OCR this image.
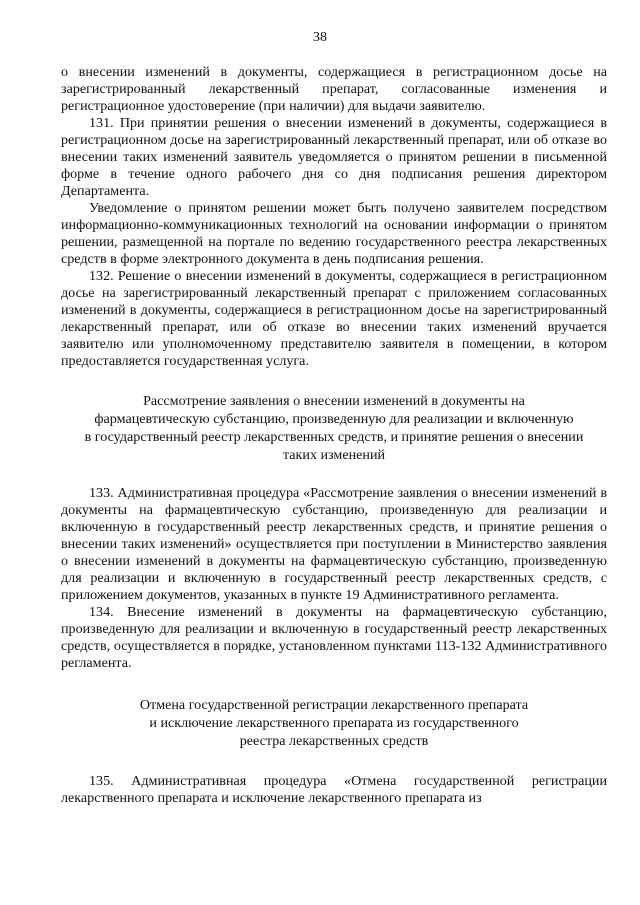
38

о внесении изменений в документы, содержащиеся в регистрационном досье на зарегистрированный лекарственный препарат, согласованные изменения и регистрационное удостоверение (при наличии) для выдачи заявителю.

131. При принятии решения о внесении изменений в документы, содержащиеся в регистрационном досье на зарегистрированный лекарственный препарат, или об отказе во внесении таких изменений заявитель уведомляется о принятом решении в письменной форме в течение одного рабочего дня со дня подписания решения директором Департамента.

Уведомление о принятом решении может быть получено заявителем посредством информационно-коммуникационных технологий на основании информации о принятом решении, размещенной на портале по ведению государственного реестра лекарственных средств в форме электронного документа в день подписания решения.

132. Решение о внесении изменений в документы, содержащиеся в регистрационном досье на зарегистрированный лекарственный препарат с приложением согласованных изменений в документы, содержащиеся в регистрационном досье на зарегистрированный лекарственный препарат, или об отказе во внесении таких изменений вручается заявителю или уполномоченному представителю заявителя в помещении, в котором предоставляется государственная услуга.

Рассмотрение заявления о внесении изменений в документы на
фармацевтическую субстанцию, произведенную для реализации и включенную
в государственный реестр лекарственных средств, и принятие решения о внесении
таких изменений

133. Административная процедура «Рассмотрение заявления о внесении изменений в документы на фармацевтическую субстанцию, произведенную для реализации и включенную в государственный реестр лекарственных средств, и принятие решения о внесении таких изменений» осуществляется при поступлении в Министерство заявления о внесении изменений в документы на фармацевтическую субстанцию, произведенную для реализации и включенную в государственный реестр лекарственных средств, с приложением документов, указанных в пункте 19 Административного регламента.

134. Внесение изменений в документы на фармацевтическую субстанцию, произведенную для реализации и включенную в государственный реестр лекарственных средств, осуществляется в порядке, установленном пунктами 113-132 Административного регламента.

Отмена государственной регистрации лекарственного препарата
и исключение лекарственного препарата из государственного
реестра лекарственных средств

135. Административная процедура «Отмена государственной регистрации лекарственного препарата и исключение лекарственного препарата из
